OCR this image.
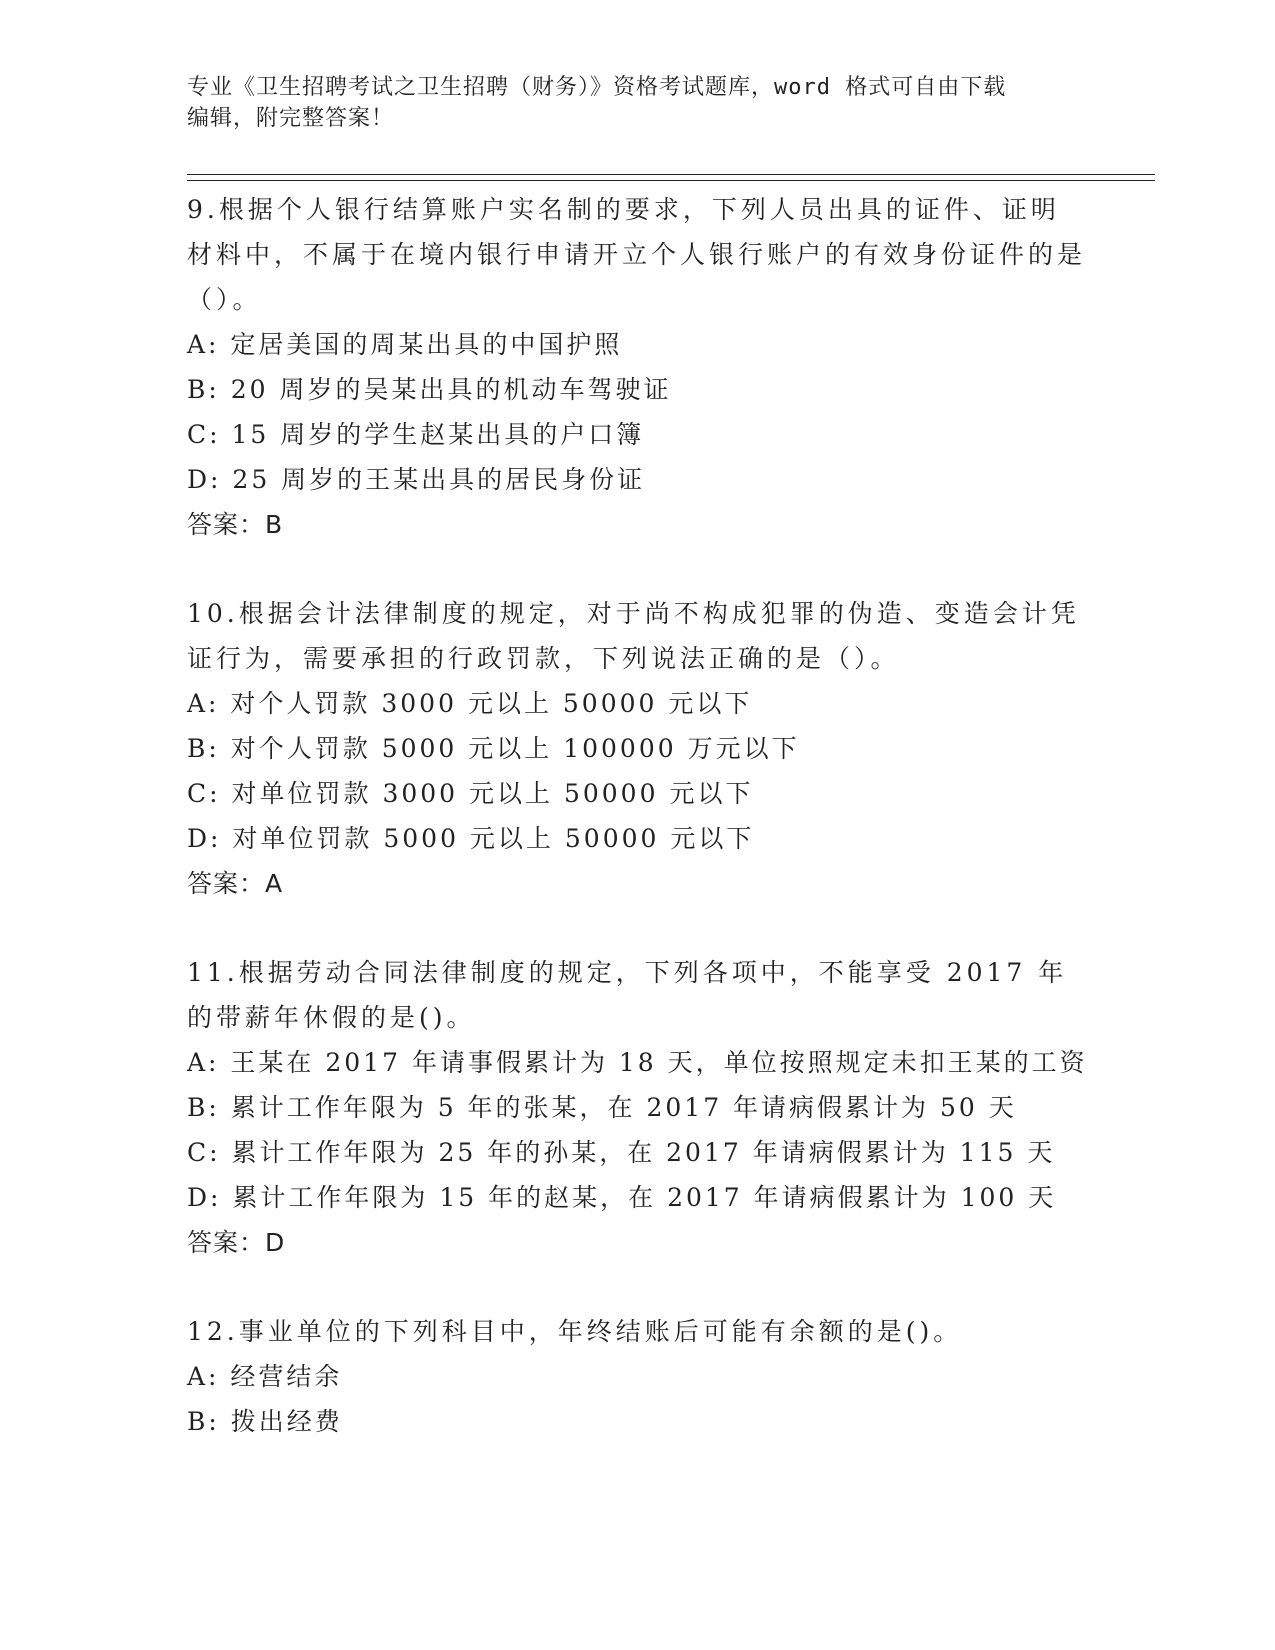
专业《卫生招聘考试之卫生招聘（财务）》资格考试题库，word 格式可自由下载
编辑，附完整答案！

9.根据个人银行结算账户实名制的要求，下列人员出具的证件、证明材料中，不属于在境内银行申请开立个人银行账户的有效身份证件的是（）。

A: 定居美国的周某出具的中国护照

B: 20 周岁的吴某出具的机动车驾驶证

C: 15 周岁的学生赵某出具的户口簿

D: 25 周岁的王某出具的居民身份证

答案：B

10.根据会计法律制度的规定，对于尚不构成犯罪的伪造、变造会计凭证行为，需要承担的行政罚款，下列说法正确的是（）。

A: 对个人罚款 3000 元以上 50000 元以下

B: 对个人罚款 5000 元以上 100000 万元以下

C: 对单位罚款 3000 元以上 50000 元以下

D: 对单位罚款 5000 元以上 50000 元以下

答案：A

11.根据劳动合同法律制度的规定，下列各项中，不能享受 2017 年的带薪年休假的是()。

A: 王某在 2017 年请事假累计为 18 天，单位按照规定未扣王某的工资

B: 累计工作年限为 5 年的张某，在 2017 年请病假累计为 50 天

C: 累计工作年限为 25 年的孙某，在 2017 年请病假累计为 115 天

D: 累计工作年限为 15 年的赵某，在 2017 年请病假累计为 100 天

答案：D

12.事业单位的下列科目中，年终结账后可能有余额的是()。

A: 经营结余

B: 拨出经费
